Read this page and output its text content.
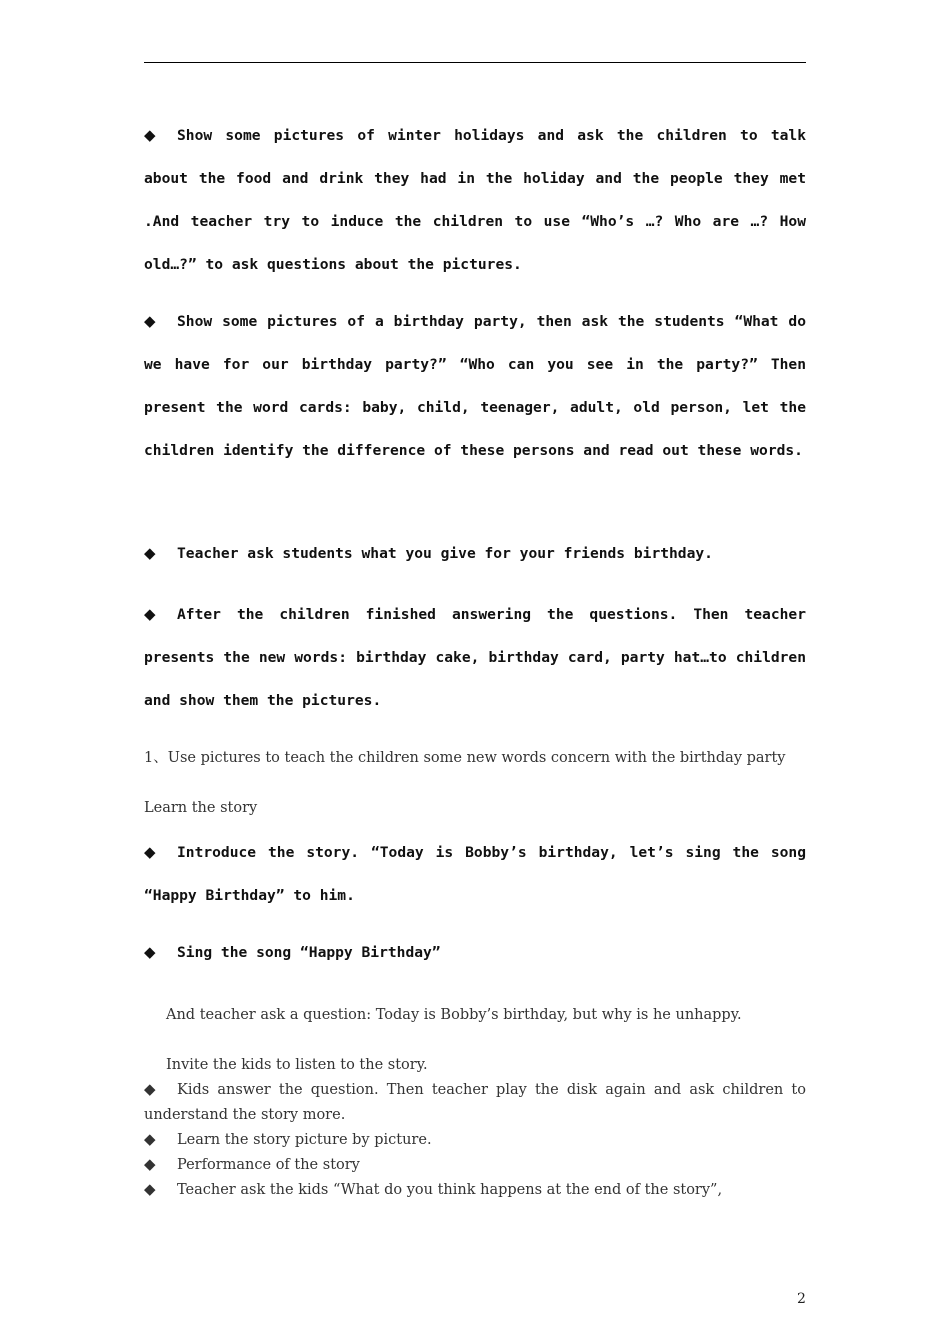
◆ Show some pictures of winter holidays and ask the children to talk about the food and drink they had in the holiday and the people they met .And teacher try to induce the children to use “Who’s …? Who are …? How old…?” to ask questions about the pictures.

◆ Show some pictures of a birthday party, then ask the students “What do we have for our birthday party?” “Who can you see in the party?” Then present the word cards: baby, child, teenager, adult, old person, let the children identify the difference of these persons and read out these words.

◆ Teacher ask students what you give for your friends birthday.

◆ After the children finished answering the questions. Then teacher presents the new words: birthday cake, birthday card, party hat…to children and show them the pictures.

1、Use pictures to teach the children some new words concern with the birthday party

Learn the story

◆ Introduce the story. “Today is Bobby’s birthday, let’s sing the song “Happy Birthday” to him.

◆ Sing the song “Happy Birthday”

And teacher ask a question: Today is Bobby’s birthday, but why is he unhappy.

Invite the kids to listen to the story.

◆ Kids answer the question. Then teacher play the disk again and ask children to understand the story more.

◆ Learn the story picture by picture.

◆ Performance of the story

◆ Teacher ask the kids “What do you think happens at the end of the story”,

2
